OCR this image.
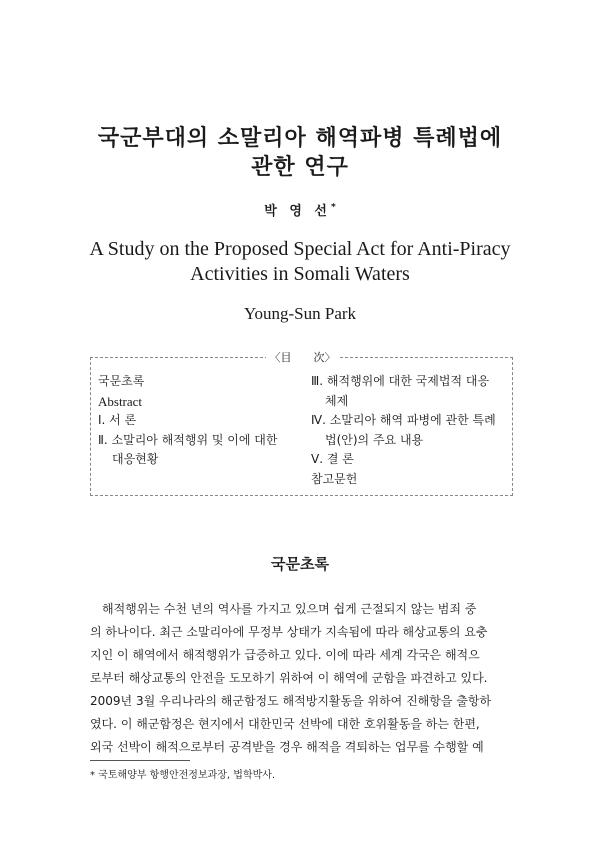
국군부대의 소말리아 해역파병 특례법에
관한 연구
박 영 선*
A Study on the Proposed Special Act for Anti-Piracy
Activities in Somali Waters
Young-Sun Park
〈目　　次〉
국문초록
Abstract
Ⅰ. 서 론
Ⅱ. 소말리아 해적행위 및 이에 대한
대응현황
Ⅲ. 해적행위에 대한 국제법적 대응
체제
Ⅳ. 소말리아 해역 파병에 관한 특례
법(안)의 주요 내용
Ⅴ. 결 론
참고문헌
국문초록
　해적행위는 수천 년의 역사를 가지고 있으며 쉽게 근절되지 않는 범죄 중
의 하나이다. 최근 소말리아에 무정부 상태가 지속됨에 따라 해상교통의 요충
지인 이 해역에서 해적행위가 급증하고 있다. 이에 따라 세계 각국은 해적으
로부터 해상교통의 안전을 도모하기 위하여 이 해역에 군함을 파견하고 있다.
2009년 3월 우리나라의 해군함정도 해적방지활동을 위하여 진해항을 출항하
였다. 이 해군함정은 현지에서 대한민국 선박에 대한 호위활동을 하는 한편,
외국 선박이 해적으로부터 공격받을 경우 해적을 격퇴하는 업무를 수행할 예
* 국토해양부 항행안전정보과장, 법학박사.
